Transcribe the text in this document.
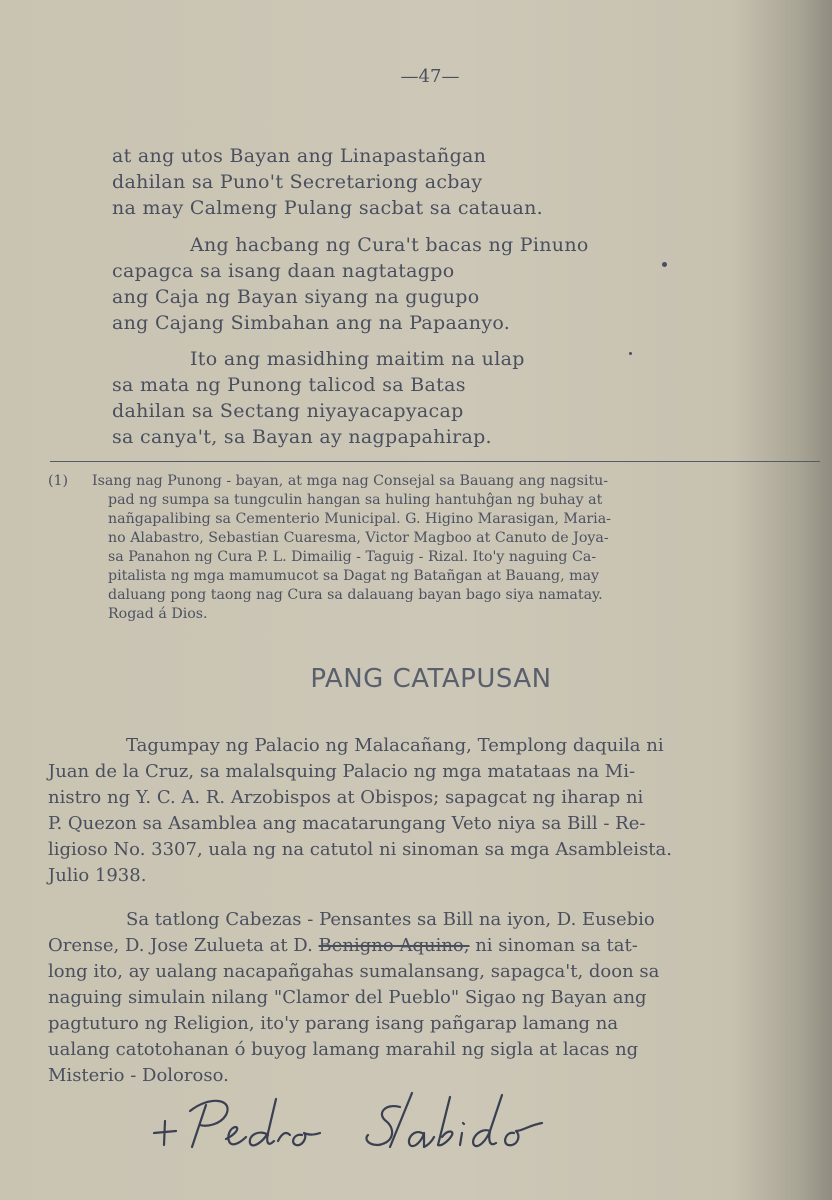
—47—
at ang utos Bayan ang Linapastañgan
dahilan sa Puno't Secretariong acbay
na may Calmeng Pulang sacbat sa catauan.
Ang hacbang ng Cura't bacas ng Pinuno
capagca sa isang daan nagtatagpo
ang Caja ng Bayan siyang na gugupo
ang Cajang Simbahan ang na Papaanyo.
Ito ang masidhing maitim na ulap
sa mata ng Punong talicod sa Batas
dahilan sa Sectang niyayacapyacap
sa canya't, sa Bayan ay nagpapahirap.
(1) Isang nag Punong - bayan, at mga nag Consejal sa Bauang ang nagsitu-
pad ng sumpa sa tungculin hangan sa huling hantuhĝan ng buhay at
nañgapalibing sa Cementerio Municipal. G. Higino Marasigan, Maria-
no Alabastro, Sebastian Cuaresma, Victor Magboo at Canuto de Joya-
sa Panahon ng Cura P. L. Dimailig - Taguig - Rizal. Ito'y naguing Ca-
pitalista ng mga mamumucot sa Dagat ng Batañgan at Bauang, may
daluang pong taong nag Cura sa dalauang bayan bago siya namatay.
Rogad á Dios.
PANG CATAPUSAN
Tagumpay ng Palacio ng Malacañang, Templong daquila ni
Juan de la Cruz, sa malalsquing Palacio ng mga matataas na Mi-
nistro ng Y. C. A. R. Arzobispos at Obispos; sapagcat ng iharap ni
P. Quezon sa Asamblea ang macatarungang Veto niya sa Bill - Re-
ligioso No. 3307, uala ng na catutol ni sinoman sa mga Asambleista.
Julio 1938.
Sa tatlong Cabezas - Pensantes sa Bill na iyon, D. Eusebio
Orense, D. Jose Zulueta at D. Benigno Aquino, ni sinoman sa tat-
long ito, ay ualang nacapañgahas sumalansang, sapagca't, doon sa
naguing simulain nilang "Clamor del Pueblo" Sigao ng Bayan ang
pagtuturo ng Religion, ito'y parang isang pañgarap lamang na
ualang catotohanan ó buyog lamang marahil ng sigla at lacas ng
Misterio - Doloroso.
